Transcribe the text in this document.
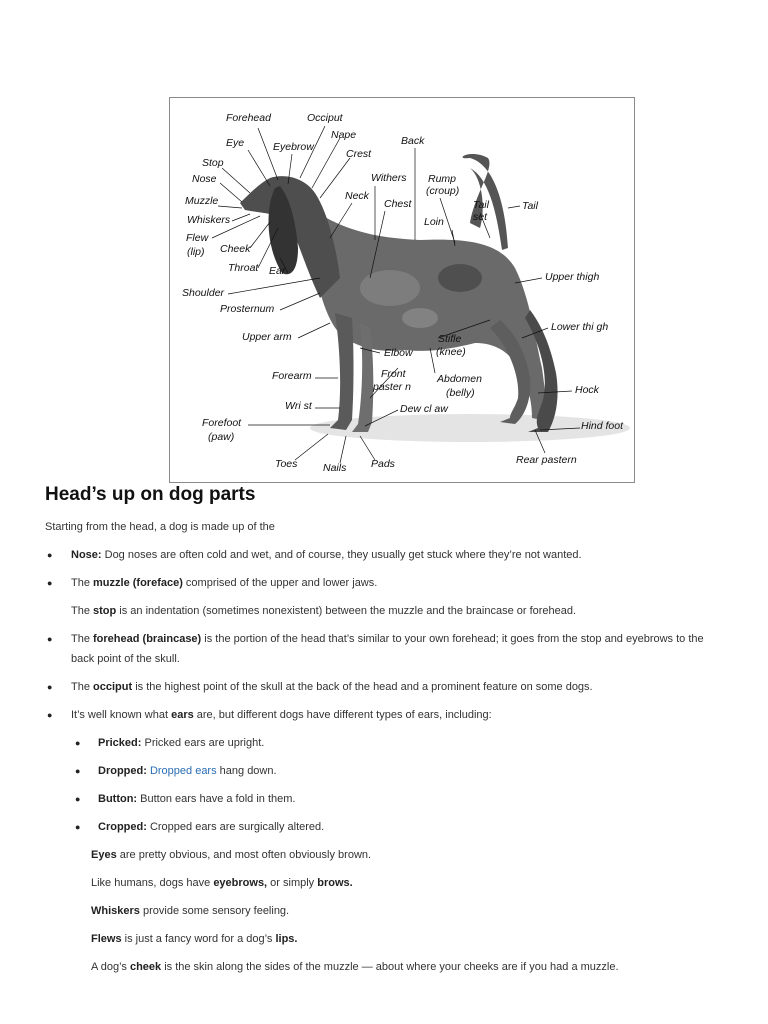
Forehead	Occiput
Eye	Eyebrow
Nape
Crest
Back
Stop
Nose	Withers Rump
(croup)
Neck
Chest
Muzzle
Whiskers
Tail
set
Tail
Loin
Flew
(lip) Cheek
Throat Ear	Upper thigh
Shoulder
Prosternum
Lower thi gh
Upper arm	Stifle
(knee)
Elbow
Forearm	Front
paster n
Abdomen
(belly)	Hock
Wri st	Dew cl aw
Forefoot
(paw)
Hind foot
Toes Nails Pads	Rear pastern
Head’s up on dog parts
Starting from the head, a dog is made up of the
● Nose: Dog noses are often cold and wet, and of course, they usually get stuck where they’re not wanted.
● The muzzle (foreface) comprised of the upper and lower jaws.
The stop is an indentation (sometimes nonexistent) between the muzzle and the braincase or forehead.
● The forehead (braincase) is the portion of the head that’s similar to your own forehead; it goes from the stop and eyebrows to the
back point of the skull.
● The occiput is the highest point of the skull at the back of the head and a prominent feature on some dogs.
● It’s well known what ears are, but different dogs have different types of ears, including:
● Pricked: Pricked ears are upright.
● Dropped: Dropped ears hang down.
● Button: Button ears have a fold in them.
● Cropped: Cropped ears are surgically altered.
Eyes are pretty obvious, and most often obviously brown.
Like humans, dogs have eyebrows, or simply brows.
Whiskers provide some sensory feeling.
Flews is just a fancy word for a dog’s lips.
A dog’s cheek is the skin along the sides of the muzzle — about where your cheeks are if you had a muzzle.
